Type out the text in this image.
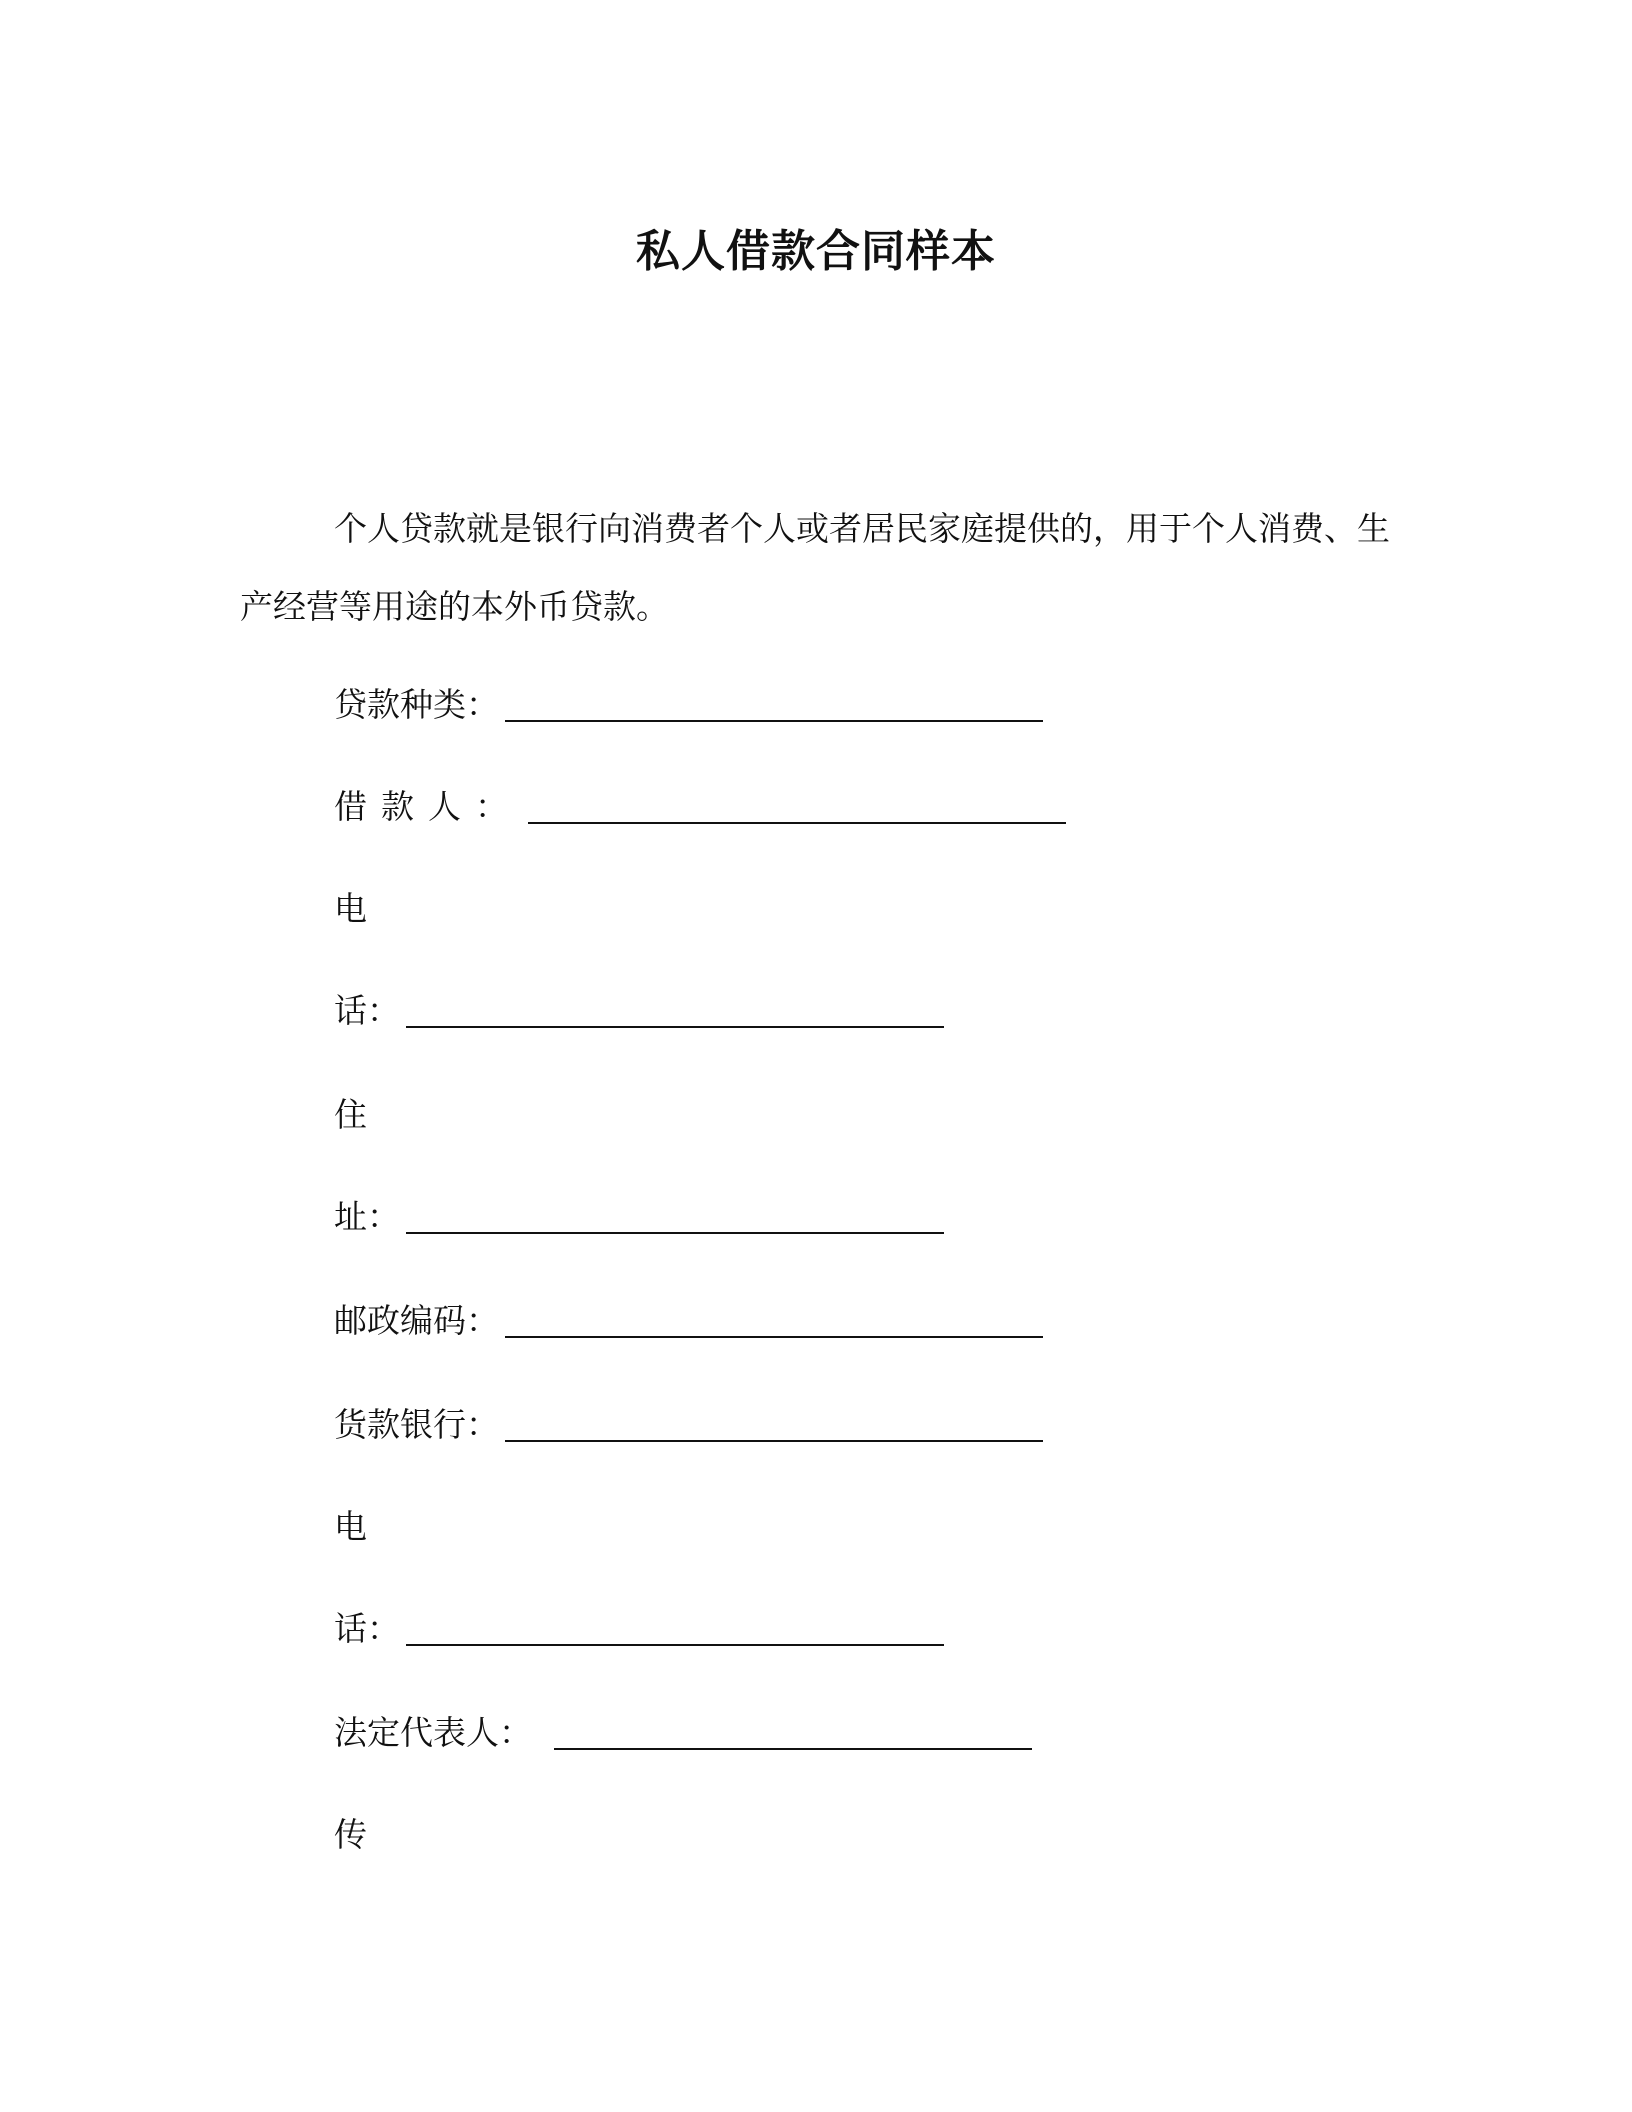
私人借款合同样本
个人贷款就是银行向消费者个人或者居民家庭提供的，用于个人消费、生产经营等用途的本外币贷款。
贷款种类：
借款人：
电
话：
住
址：
邮政编码：
货款银行：
电
话：
法定代表人：
传
